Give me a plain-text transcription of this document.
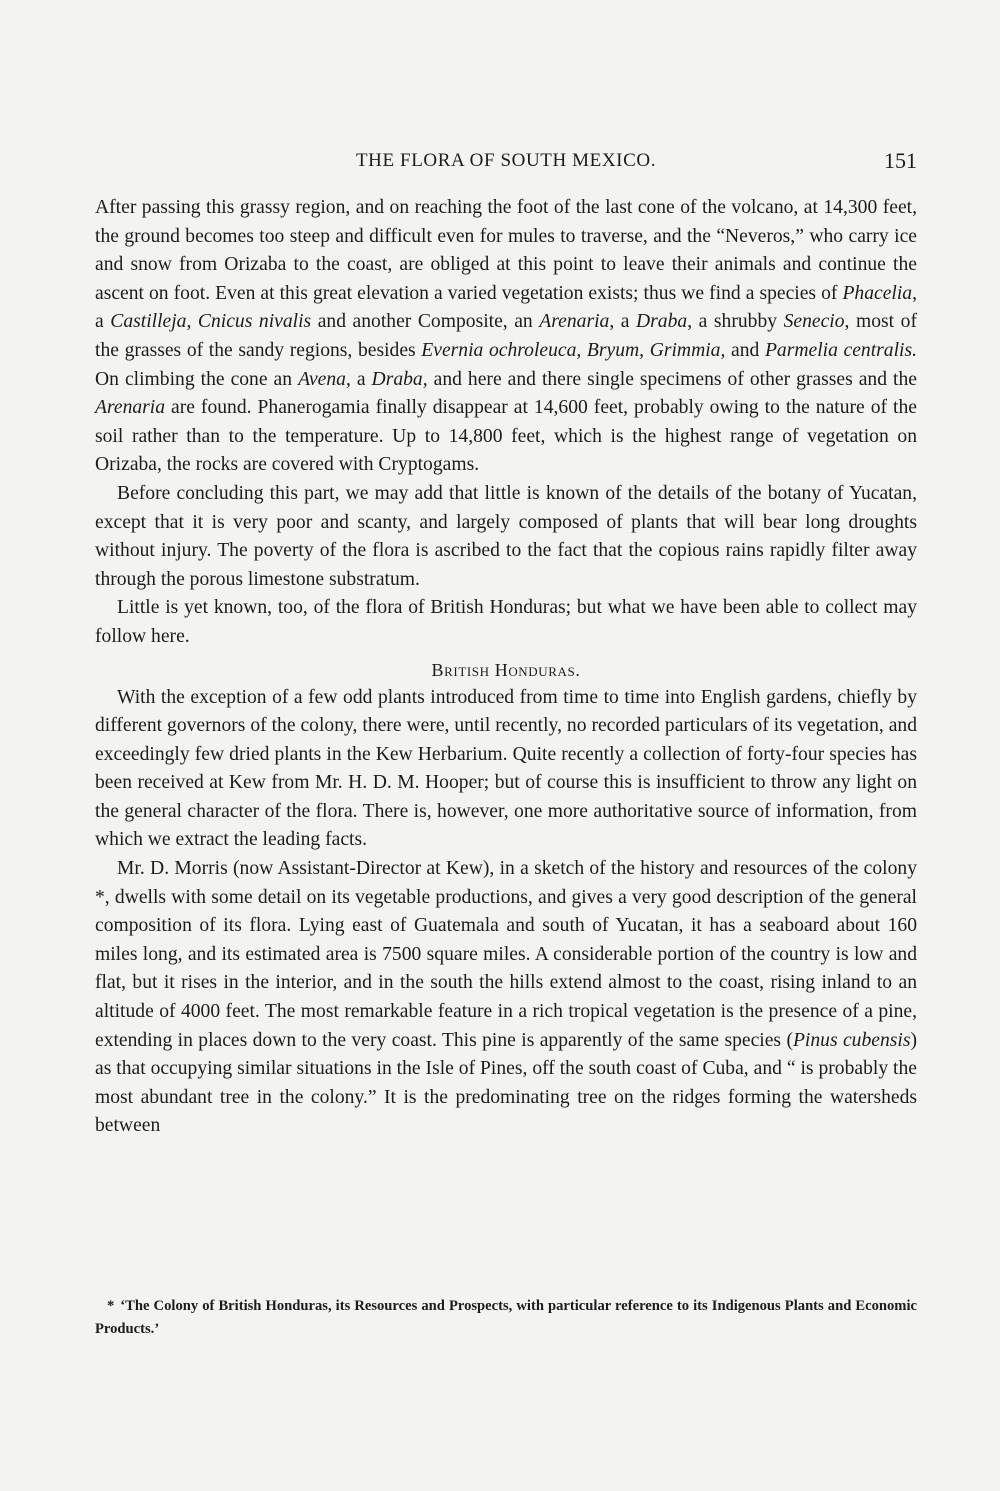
THE FLORA OF SOUTH MEXICO.	151

After passing this grassy region, and on reaching the foot of the last cone of the volcano, at 14,300 feet, the ground becomes too steep and difficult even for mules to traverse, and the “Neveros,” who carry ice and snow from Orizaba to the coast, are obliged at this point to leave their animals and continue the ascent on foot. Even at this great elevation a varied vegetation exists; thus we find a species of Phacelia, a Castilleja, Cnicus nivalis and another Composite, an Arenaria, a Draba, a shrubby Senecio, most of the grasses of the sandy regions, besides Evernia ochroleuca, Bryum, Grimmia, and Parmelia centralis. On climbing the cone an Avena, a Draba, and here and there single specimens of other grasses and the Arenaria are found. Phanerogamia finally disappear at 14,600 feet, probably owing to the nature of the soil rather than to the temperature. Up to 14,800 feet, which is the highest range of vegetation on Orizaba, the rocks are covered with Cryptogams.

Before concluding this part, we may add that little is known of the details of the botany of Yucatan, except that it is very poor and scanty, and largely composed of plants that will bear long droughts without injury. The poverty of the flora is ascribed to the fact that the copious rains rapidly filter away through the porous limestone substratum.

Little is yet known, too, of the flora of British Honduras; but what we have been able to collect may follow here.

British Honduras.

With the exception of a few odd plants introduced from time to time into English gardens, chiefly by different governors of the colony, there were, until recently, no recorded particulars of its vegetation, and exceedingly few dried plants in the Kew Herbarium. Quite recently a collection of forty-four species has been received at Kew from Mr. H. D. M. Hooper; but of course this is insufficient to throw any light on the general character of the flora. There is, however, one more authoritative source of information, from which we extract the leading facts.

Mr. D. Morris (now Assistant-Director at Kew), in a sketch of the history and resources of the colony *, dwells with some detail on its vegetable productions, and gives a very good description of the general composition of its flora. Lying east of Guatemala and south of Yucatan, it has a seaboard about 160 miles long, and its estimated area is 7500 square miles. A considerable portion of the country is low and flat, but it rises in the interior, and in the south the hills extend almost to the coast, rising inland to an altitude of 4000 feet. The most remarkable feature in a rich tropical vegetation is the presence of a pine, extending in places down to the very coast. This pine is apparently of the same species (Pinus cubensis) as that occupying similar situations in the Isle of Pines, off the south coast of Cuba, and “ is probably the most abundant tree in the colony.” It is the predominating tree on the ridges forming the watersheds between

* ‘The Colony of British Honduras, its Resources and Prospects, with particular reference to its Indigenous Plants and Economic Products.’
